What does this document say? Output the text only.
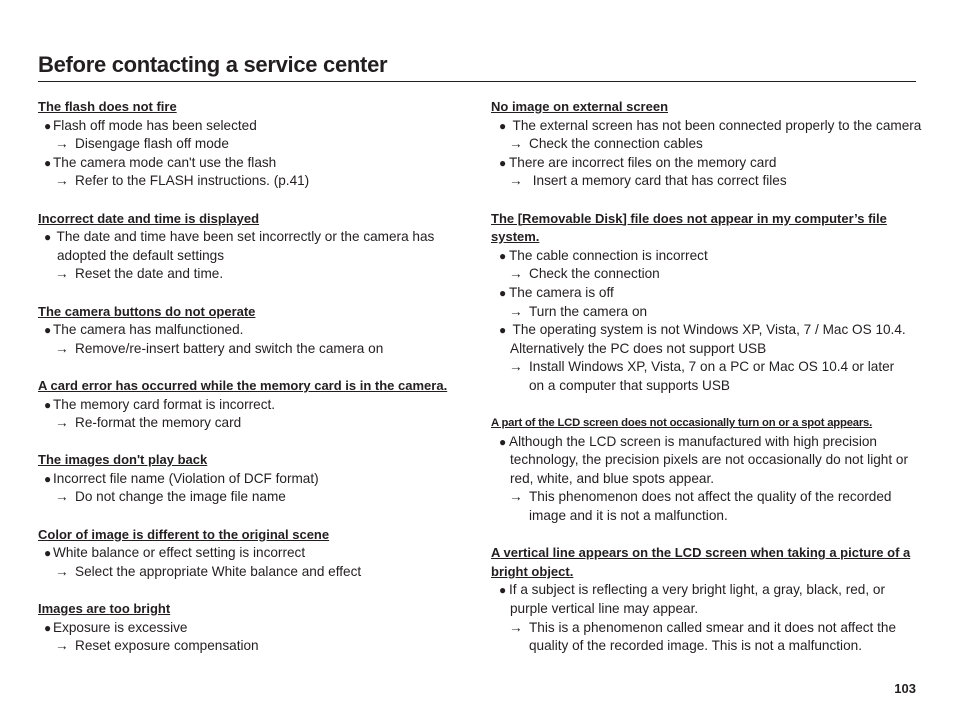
Before contacting a service center
The flash does not fire
● Flash off mode has been selected
→ Disengage flash off mode
● The camera mode can't use the flash
→ Refer to the FLASH instructions. (p.41)
Incorrect date and time is displayed
● The date and time have been set incorrectly or the camera has
adopted the default settings
→ Reset the date and time.
The camera buttons do not operate
● The camera has malfunctioned.
→ Remove/re-insert battery and switch the camera on
A card error has occurred while the memory card is in the camera.
● The memory card format is incorrect.
→ Re-format the memory card
The images don't play back
● Incorrect file name (Violation of DCF format)
→ Do not change the image file name
Color of image is different to the original scene
● White balance or effect setting is incorrect
→ Select the appropriate White balance and effect
Images are too bright
● Exposure is excessive
→ Reset exposure compensation
No image on external screen
● The external screen has not been connected properly to the camera
→ Check the connection cables
● There are incorrect files on the memory card
→ Insert a memory card that has correct files
The [Removable Disk] file does not appear in my computer’s file system.
● The cable connection is incorrect
→ Check the connection
● The camera is off
→ Turn the camera on
● The operating system is not Windows XP, Vista, 7 / Mac OS 10.4.
Alternatively the PC does not support USB
→ Install Windows XP, Vista, 7 on a PC or Mac OS 10.4 or later
on a computer that supports USB
A part of the LCD screen does not occasionally turn on or a spot appears.
● Although the LCD screen is manufactured with high precision
technology, the precision pixels are not occasionally do not light or
red, white, and blue spots appear.
→ This phenomenon does not affect the quality of the recorded
image and it is not a malfunction.
A vertical line appears on the LCD screen when taking a picture of a bright object.
● If a subject is reflecting a very bright light, a gray, black, red, or
purple vertical line may appear.
→ This is a phenomenon called smear and it does not affect the
quality of the recorded image. This is not a malfunction.
103
